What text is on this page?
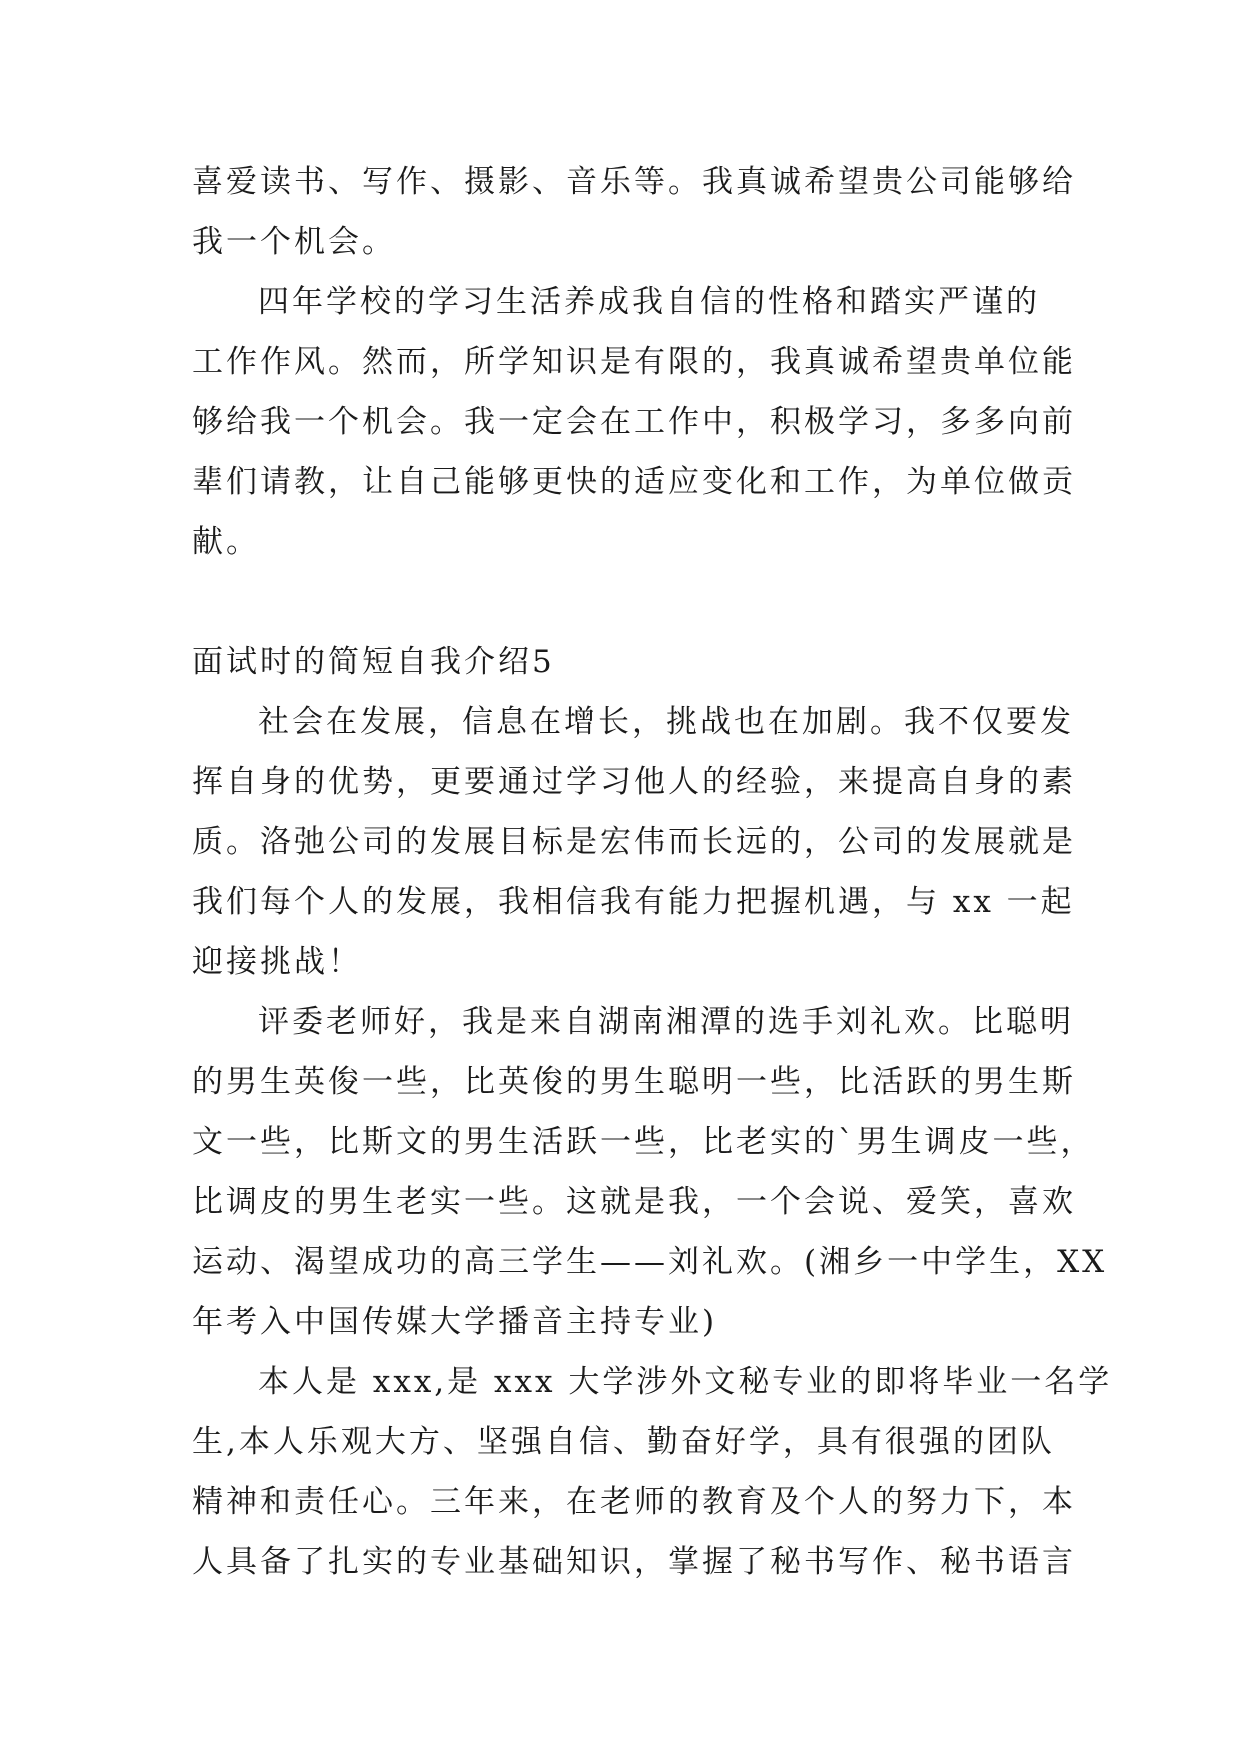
喜爱读书、写作、摄影、音乐等。我真诚希望贵公司能够给
我一个机会。
四年学校的学习生活养成我自信的性格和踏实严谨的
工作作风。然而，所学知识是有限的，我真诚希望贵单位能
够给我一个机会。我一定会在工作中，积极学习，多多向前
辈们请教，让自己能够更快的适应变化和工作，为单位做贡
献。
面试时的简短自我介绍5
社会在发展，信息在增长，挑战也在加剧。我不仅要发
挥自身的优势，更要通过学习他人的经验，来提高自身的素
质。洛弛公司的发展目标是宏伟而长远的，公司的发展就是
我们每个人的发展，我相信我有能力把握机遇，与 xx 一起
迎接挑战！
评委老师好，我是来自湖南湘潭的选手刘礼欢。比聪明
的男生英俊一些，比英俊的男生聪明一些，比活跃的男生斯
文一些，比斯文的男生活跃一些，比老实的`男生调皮一些，
比调皮的男生老实一些。这就是我，一个会说、爱笑，喜欢
运动、渴望成功的高三学生——刘礼欢。(湘乡一中学生，XX
年考入中国传媒大学播音主持专业)
本人是 xxx,是 xxx 大学涉外文秘专业的即将毕业一名学
生,本人乐观大方、坚强自信、勤奋好学，具有很强的团队
精神和责任心。三年来，在老师的教育及个人的努力下，本
人具备了扎实的专业基础知识，掌握了秘书写作、秘书语言
